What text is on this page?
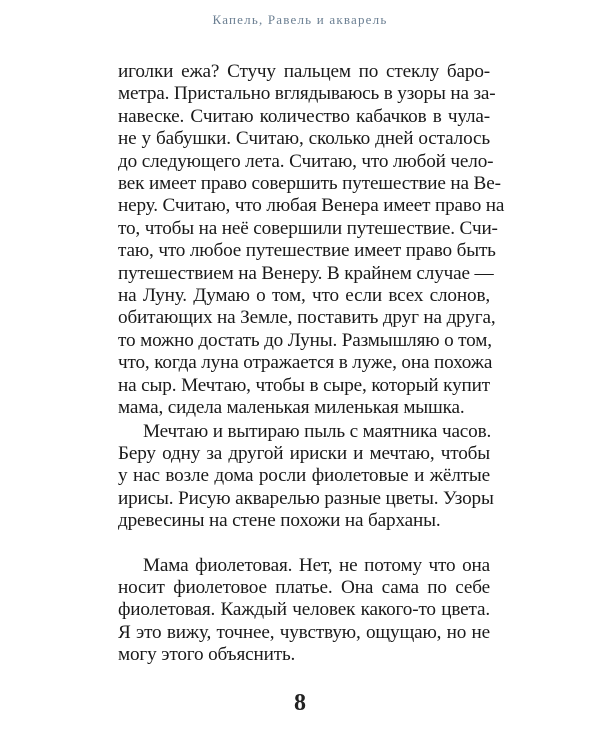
Капель, Равель и акварель
иголки ежа? Стучу пальцем по стеклу баро-
метра. Пристально вглядываюсь в узоры на за-
навеске. Считаю количество кабачков в чула-
не у бабушки. Считаю, сколько дней осталось
до следующего лета. Считаю, что любой чело-
век имеет право совершить путешествие на Ве-
неру. Считаю, что любая Венера имеет право на
то, чтобы на неё совершили путешествие. Счи-
таю, что любое путешествие имеет право быть
путешествием на Венеру. В крайнем случае —
на Луну. Думаю о том, что если всех слонов,
обитающих на Земле, поставить друг на друга,
то можно достать до Луны. Размышляю о том,
что, когда луна отражается в луже, она похожа
на сыр. Мечтаю, чтобы в сыре, который купит
мама, сидела маленькая миленькая мышка.
Мечтаю и вытираю пыль с маятника часов.
Беру одну за другой ириски и мечтаю, чтобы
у нас возле дома росли фиолетовые и жёлтые
ирисы. Рисую акварелью разные цветы. Узоры
древесины на стене похожи на барханы.
Мама фиолетовая. Нет, не потому что она
носит фиолетовое платье. Она сама по себе
фиолетовая. Каждый человек какого-то цвета.
Я это вижу, точнее, чувствую, ощущаю, но не
могу этого объяснить.
8
